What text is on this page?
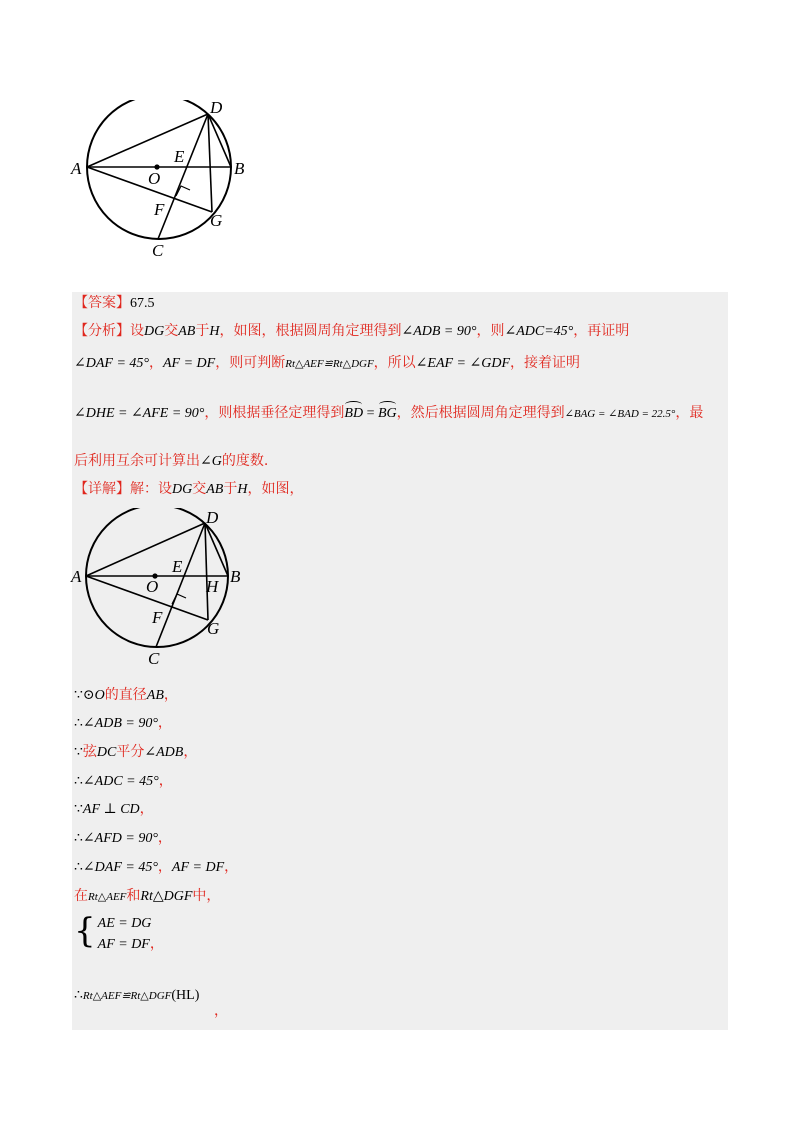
A	B
C
D
E
F
G
O
【答案】67.5
【分析】设DG交AB于H，如图，根据圆周角定理得到∠ADB = 90°，则∠ADC=45°，再证明
∠DAF = 45°，AF = DF，则可判断Rt△AEF≌Rt△DGF，所以∠EAF = ∠GDF，接着证明
∠DHE = ∠AFE = 90°，则根据垂径定理得到BD = BG，然后根据圆周角定理得到∠BAG = ∠BAD = 22.5°，最
后利用互余可计算出∠G的度数.
【详解】解：设DG交AB于H，如图，
A	B
C
D
E
F
G
H
O
∵⊙O的直径AB，
∴∠ADB = 90°，
∵弦DC平分∠ADB，
∴∠ADC = 45°，
∵AF ⊥ CD，
∴∠AFD = 90°，
∴∠DAF = 45°，AF = DF，
在Rt△AEF和Rt△DGF中，
{ AE = DG
AF = DF，
∴Rt△AEF≌Rt△DGF(HL)
，
